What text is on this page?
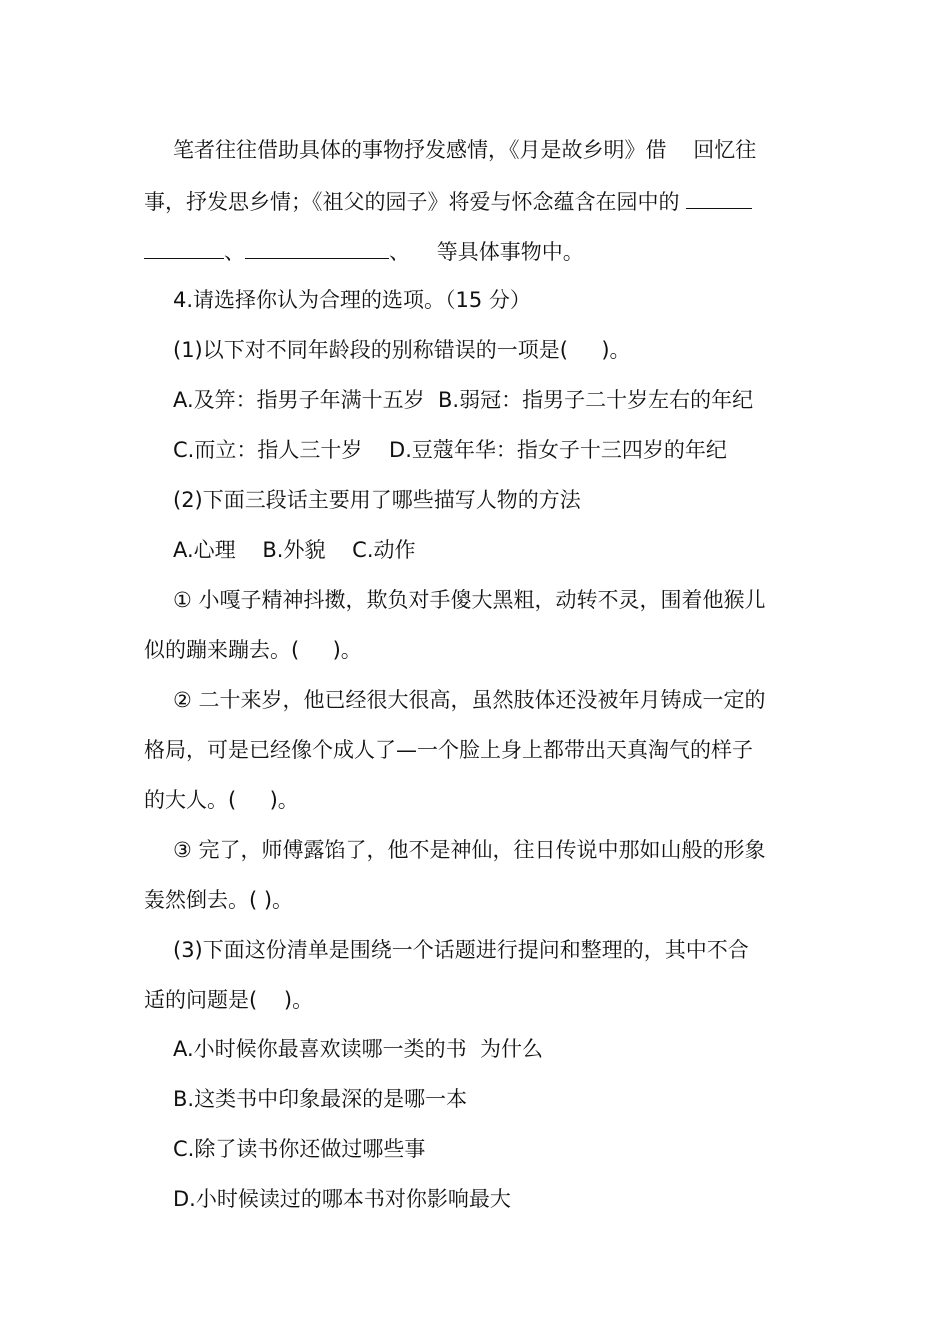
笔者往往借助具体的事物抒发感情，《月是故乡明》借    回忆往
事，抒发思乡情；《祖父的园子》将爱与怀念蕴含在园中的
、	、    等具体事物中。
4.请选择你认为合理的选项。（15 分）
(1)以下对不同年龄段的别称错误的一项是(     )。
A.及笄：指男子年满十五岁  B.弱冠：指男子二十岁左右的年纪
C.而立：指人三十岁    D.豆蔻年华：指女子十三四岁的年纪
(2)下面三段话主要用了哪些描写人物的方法
A.心理    B.外貌    C.动作
① 小嘎子精神抖擞，欺负对手傻大黑粗，动转不灵，围着他猴儿
似的蹦来蹦去。(     )。
② 二十来岁，他已经很大很高，虽然肢体还没被年月铸成一定的
格局，可是已经像个成人了—一个脸上身上都带出天真淘气的样子
的大人。(     )。
③ 完了，师傅露馅了，他不是神仙，往日传说中那如山般的形象
轰然倒去。( )。
(3)下面这份清单是围绕一个话题进行提问和整理的，其中不合
适的问题是(    )。
A.小时候你最喜欢读哪一类的书  为什么
B.这类书中印象最深的是哪一本
C.除了读书你还做过哪些事
D.小时候读过的哪本书对你影响最大
